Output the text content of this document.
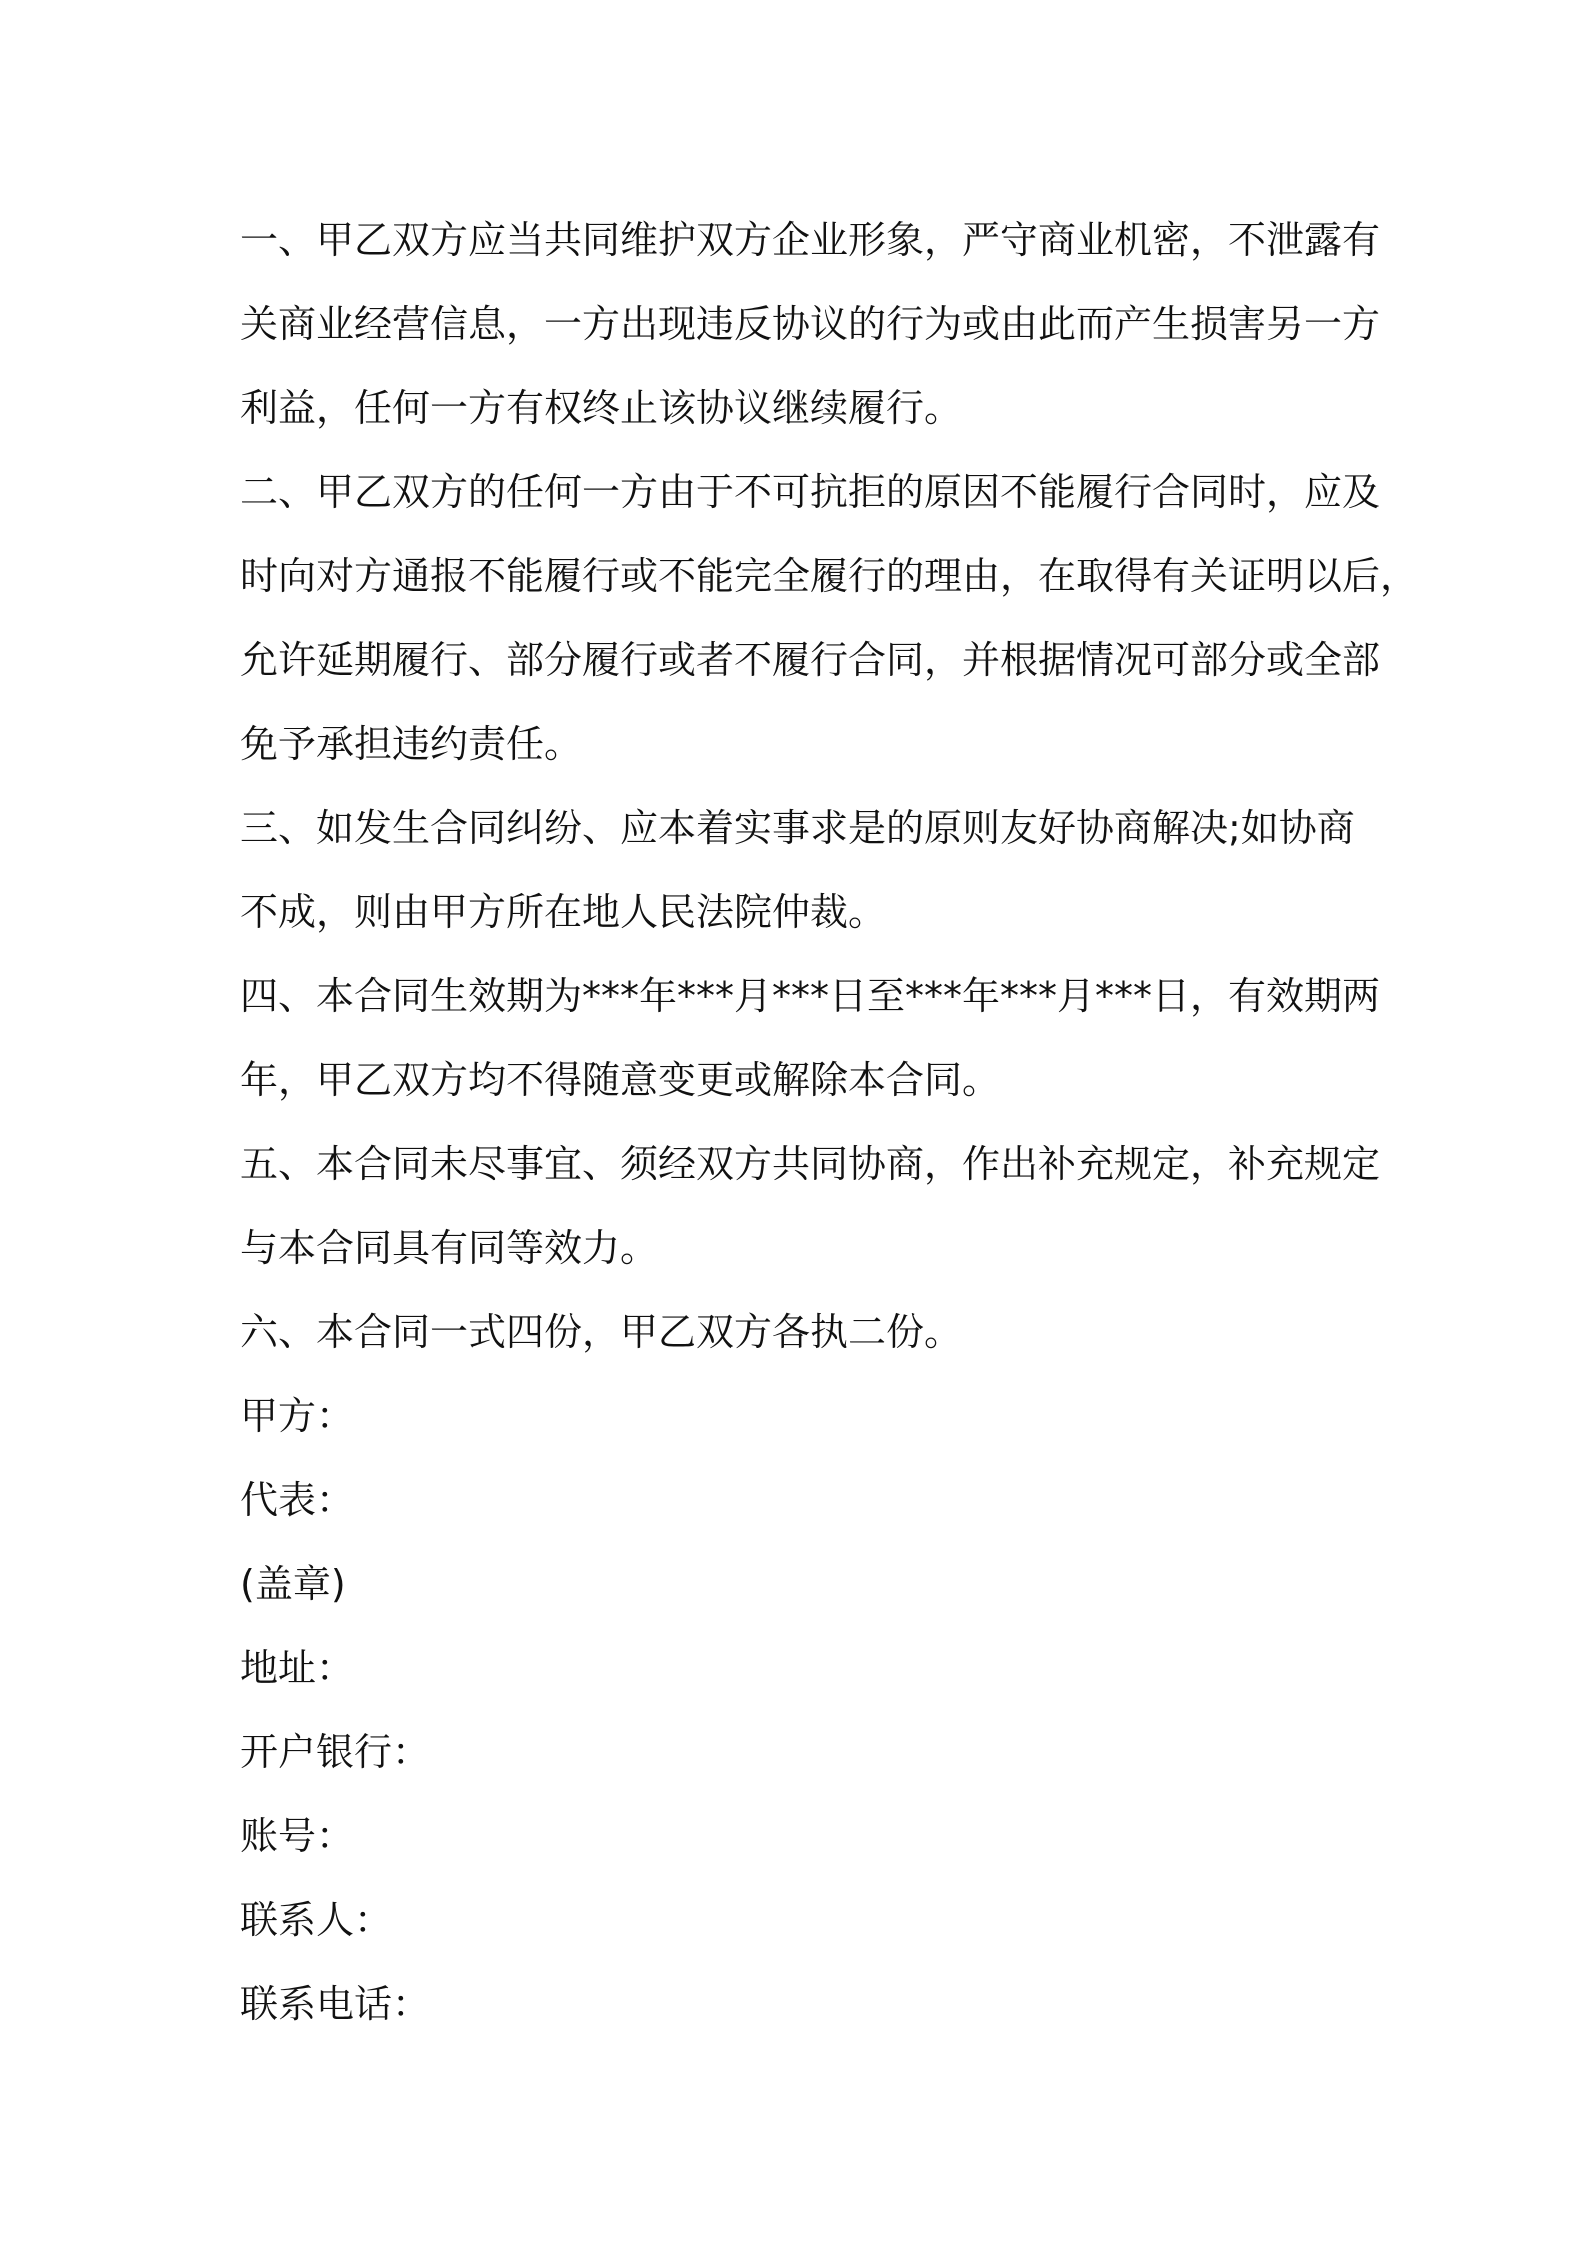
一、甲乙双方应当共同维护双方企业形象，严守商业机密，不泄露有
关商业经营信息，一方出现违反协议的行为或由此而产生损害另一方
利益，任何一方有权终止该协议继续履行。
二、甲乙双方的任何一方由于不可抗拒的原因不能履行合同时，应及
时向对方通报不能履行或不能完全履行的理由，在取得有关证明以后，
允许延期履行、部分履行或者不履行合同，并根据情况可部分或全部
免予承担违约责任。
三、如发生合同纠纷、应本着实事求是的原则友好协商解决;如协商
不成，则由甲方所在地人民法院仲裁。
四、本合同生效期为***年***月***日至***年***月***日，有效期两
年，甲乙双方均不得随意变更或解除本合同。
五、本合同未尽事宜、须经双方共同协商，作出补充规定，补充规定
与本合同具有同等效力。
六、本合同一式四份，甲乙双方各执二份。
甲方：
代表：
(盖章)
地址：
开户银行：
账号：
联系人：
联系电话：
